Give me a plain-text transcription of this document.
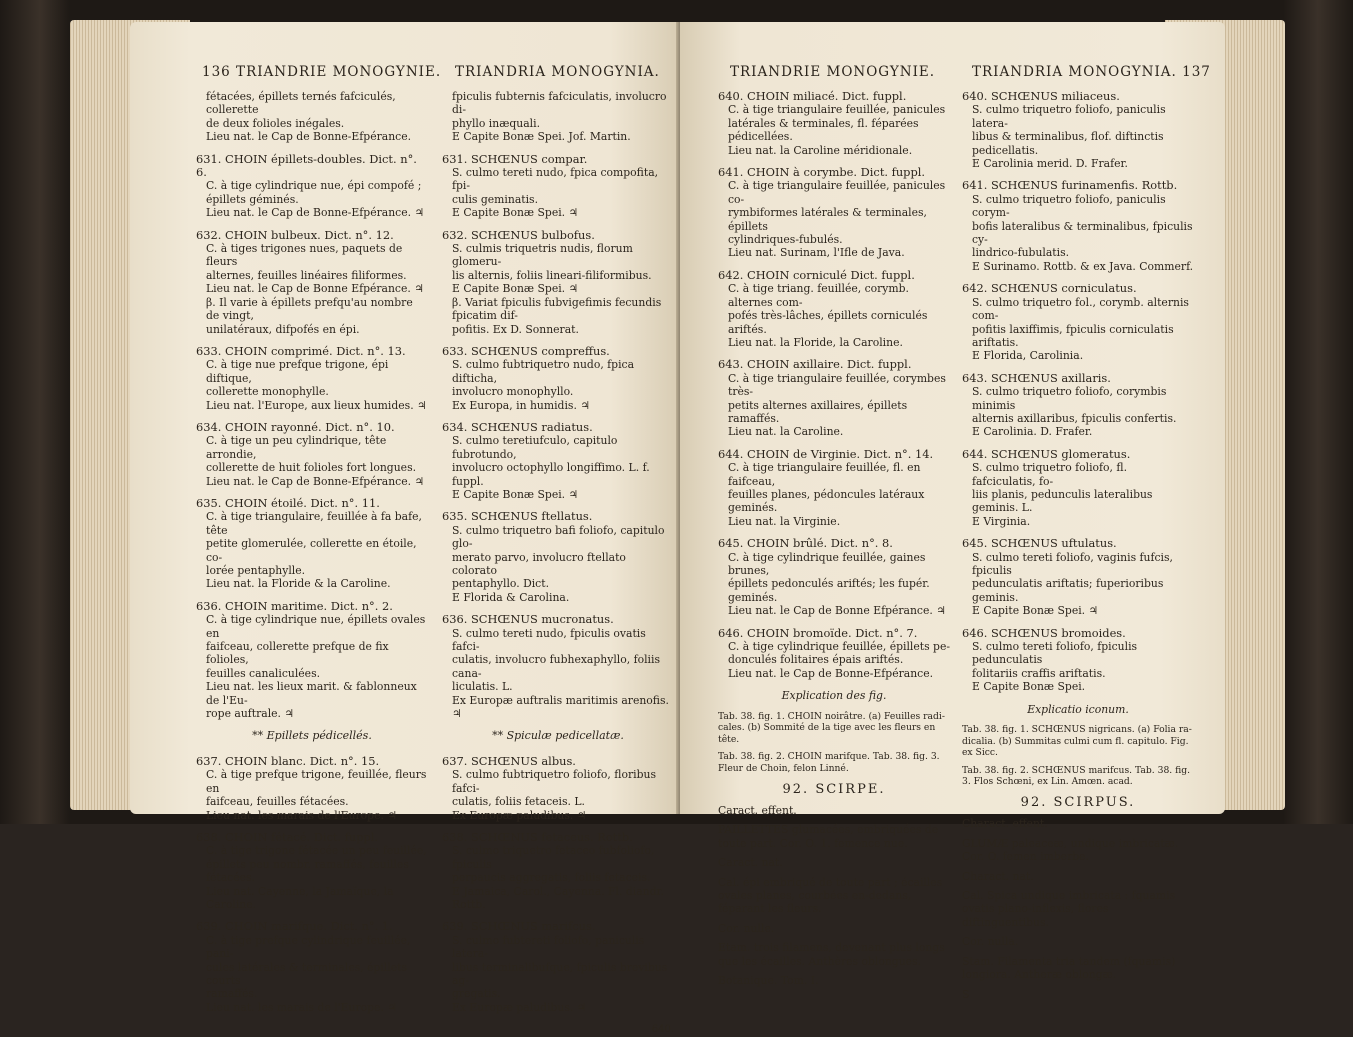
136 TRIANDRIE MONOGYNIE. TRIANDRIA MONOGYNIA.
fétacées, épillets ternés fafciculés, collerette
de deux folioles inégales.
Lieu nat. le Cap de Bonne-Efpérance.
631. CHOIN épillets-doubles. Dict. n°. 6.
C. à tige cylindrique nue, épi compofé ;
épillets géminés.
Lieu nat. le Cap de Bonne-Efpérance. ♃
632. CHOIN bulbeux. Dict. n°. 12.
C. à tiges trigones nues, paquets de fleurs
alternes, feuilles linéaires filiformes.
Lieu nat. le Cap de Bonne Efpérance. ♃
β. Il varie à épillets prefqu'au nombre de vingt,
unilatéraux, difpofés en épi.
633. CHOIN comprimé. Dict. n°. 13.
C. à tige nue prefque trigone, épi diftique,
collerette monophylle.
Lieu nat. l'Europe, aux lieux humides. ♃
634. CHOIN rayonné. Dict. n°. 10.
C. à tige un peu cylindrique, tête arrondie,
collerette de huit folioles fort longues.
Lieu nat. le Cap de Bonne-Efpérance. ♃
635. CHOIN étoilé. Dict. n°. 11.
C. à tige triangulaire, feuillée à fa bafe, tête
petite glomerulée, collerette en étoile, co-
lorée pentaphylle.
Lieu nat. la Floride & la Caroline.
636. CHOIN maritime. Dict. n°. 2.
C. à tige cylindrique nue, épillets ovales en
faifceau, collerette prefque de fix folioles,
feuilles canaliculées.
Lieu nat. les lieux marit. & fablonneux de l'Eu-
rope auftrale. ♃
** Epillets pédicellés.
637. CHOIN blanc. Dict. n°. 15.
C. à tige prefque trigone, feuillée, fleurs en
faifceau, feuilles fétacées.
Lieu nat. les marais de l'Europe. ♃
638. CHOIN fétacé. Dict. fuppl.
C. à tige trigone fétacée un peu feuillée,
épillets peu nombr. ramaffés, feuilles fétacées.
Lieu nat. Cayenne, la Jamaïque, la Caroline.
639. CHOIN marifque. Dict. n°. 1.
C. à tige prefque cylindrique feuillée, pani-
cules latérales & terminales, épillets courts
ramaffés.
Lieu nat. les marais de l'Europe. ♃
fpiculis fubternis fafciculatis, involucro di-
phyllo inæquali.
E Capite Bonæ Spei. Jof. Martin.
631. SCHŒNUS compar.
S. culmo tereti nudo, fpica compofita, fpi-
culis geminatis.
E Capite Bonæ Spei. ♃
632. SCHŒNUS bulbofus.
S. culmis triquetris nudis, florum glomeru-
lis alternis, foliis lineari-filiformibus.
E Capite Bonæ Spei. ♃
β. Variat fpiculis fubvigefimis fecundis fpicatim dif-
pofitis. Ex D. Sonnerat.
633. SCHŒNUS compreffus.
S. culmo fubtriquetro nudo, fpica difticha,
involucro monophyllo.
Ex Europa, in humidis. ♃
634. SCHŒNUS radiatus.
S. culmo teretiufculo, capitulo fubrotundo,
involucro octophyllo longiffimo. L. f. fuppl.
E Capite Bonæ Spei. ♃
635. SCHŒNUS ftellatus.
S. culmo triquetro bafi foliofo, capitulo glo-
merato parvo, involucro ftellato colorato
pentaphyllo. Dict.
E Florida & Carolina.
636. SCHŒNUS mucronatus.
S. culmo tereti nudo, fpiculis ovatis fafci-
culatis, involucro fubhexaphyllo, foliis cana-
liculatis. L.
Ex Europæ auftralis maritimis arenofis. ♃
** Spiculæ pedicellatæ.
637. SCHŒNUS albus.
S. culmo fubtriquetro foliofo, floribus fafci-
culatis, foliis fetaceis. L.
Ex Europæ paludibus. ♃
638. SCHŒNUS fetaceus. Rottb.
S. culmo triquetro fetaceo fubfoliofo, fpiculis
perpaucis aggregatis, foliis fetaceis.
E Jamaica, Carol., Cayenna. Fl. diandr. Rottb.
639. SCHŒNUS marifcus.
S. culmo fubtereti foliofo, paniculis latera-
libus terminalibufque, fpiculis brevibus ag-
gregatis.
Ex Europæ paludibus. ♃
640.
TRIANDRIE MONOGYNIE.	TRIANDRIA MONOGYNIA. 137
640. CHOIN miliacé. Dict. fuppl.
C. à tige triangulaire feuillée, panicules
latérales & terminales, fl. féparées pédicellées.
Lieu nat. la Caroline méridionale.
641. CHOIN à corymbe. Dict. fuppl.
C. à tige triangulaire feuillée, panicules co-
rymbiformes latérales & terminales, épillets
cylindriques-fubulés.
Lieu nat. Surinam, l'Ifle de Java.
642. CHOIN corniculé Dict. fuppl.
C. à tige triang. feuillée, corymb. alternes com-
pofés très-lâches, épillets corniculés ariftés.
Lieu nat. la Floride, la Caroline.
643. CHOIN axillaire. Dict. fuppl.
C. à tige triangulaire feuillée, corymbes très-
petits alternes axillaires, épillets ramaffés.
Lieu nat. la Caroline.
644. CHOIN de Virginie. Dict. n°. 14.
C. à tige triangulaire feuillée, fl. en faifceau,
feuilles planes, pédoncules latéraux geminés.
Lieu nat. la Virginie.
645. CHOIN brûlé. Dict. n°. 8.
C. à tige cylindrique feuillée, gaines brunes,
épillets pedonculés ariftés; les fupér. geminés.
Lieu nat. le Cap de Bonne Efpérance. ♃
646. CHOIN bromoïde. Dict. n°. 7.
C. à tige cylindrique feuillée, épillets pe-
donculés folitaires épais ariftés.
Lieu nat. le Cap de Bonne-Efpérance.
Explication des fig.
Tab. 38. fig. 1. CHOIN noirâtre. (a) Feuilles radi-cales. (b) Sommité de la tige avec les fleurs en tête.
Tab. 38. fig. 2. CHOIN marifque. Tab. 38. fig. 3. Fleur de Choin, felon Linné.
92. SCIRPE.
Caract. effent.
PAILLETTES glumacées, embriquées de toute part. Cor. O. 1. femence nue.
Caract. nat.
Cal. épi embriqué de toute part ; écailles ovales planes, courbées en-dedans, féparant les fleurs.
Cor. nulle.
Etam. trois filamens, devenant plus longs que les écailles. Anthères oblongues.
Botanique. Tom. I.
640. SCHŒNUS miliaceus.
S. culmo triquetro foliofo, paniculis latera-
libus & terminalibus, flof. diftinctis pedicellatis.
E Carolinia merid. D. Frafer.
641. SCHŒNUS furinamenfis. Rottb.
S. culmo triquetro foliofo, paniculis corym-
bofis lateralibus & terminalibus, fpiculis cy-
lindrico-fubulatis.
E Surinamo. Rottb. & ex Java. Commerf.
642. SCHŒNUS corniculatus.
S. culmo triquetro fol., corymb. alternis com-
pofitis laxiffimis, fpiculis corniculatis ariftatis.
E Florida, Carolinia.
643. SCHŒNUS axillaris.
S. culmo triquetro foliofo, corymbis minimis
alternis axillaribus, fpiculis confertis.
E Carolinia. D. Frafer.
644. SCHŒNUS glomeratus.
S. culmo triquetro foliofo, fl. fafciculatis, fo-
liis planis, pedunculis lateralibus geminis. L.
E Virginia.
645. SCHŒNUS uftulatus.
S. culmo tereti foliofo, vaginis fufcis, fpiculis
pedunculatis ariftatis; fuperioribus geminis.
E Capite Bonæ Spei. ♃
646. SCHŒNUS bromoides.
S. culmo tereti foliofo, fpiculis pedunculatis
folitariis craffis ariftatis.
E Capite Bonæ Spei.
Explicatio iconum.
Tab. 38. fig. 1. SCHŒNUS nigricans. (a) Folia ra-dicalia. (b) Summitas culmi cum fl. capitulo. Fig. ex Sicc.
Tab. 38. fig. 2. SCHŒNUS marifcus. Tab. 38. fig. 3. Flos Schœni, ex Lin. Amœn. acad.
92. SCIRPUS.
Charact. effent.
GLUMÆ paleaceæ, undique imbricatæ. Cor. O. femen imberbe.
Charact. nat.
Cal. Spica undique imbricata : fquamis ovatis plano-inflexis, flores diftinguentibus.
Cor. nulla.
Stam. Filamenta tria tandem (fquamis) longiora. Antheræ oblongæ.
S
